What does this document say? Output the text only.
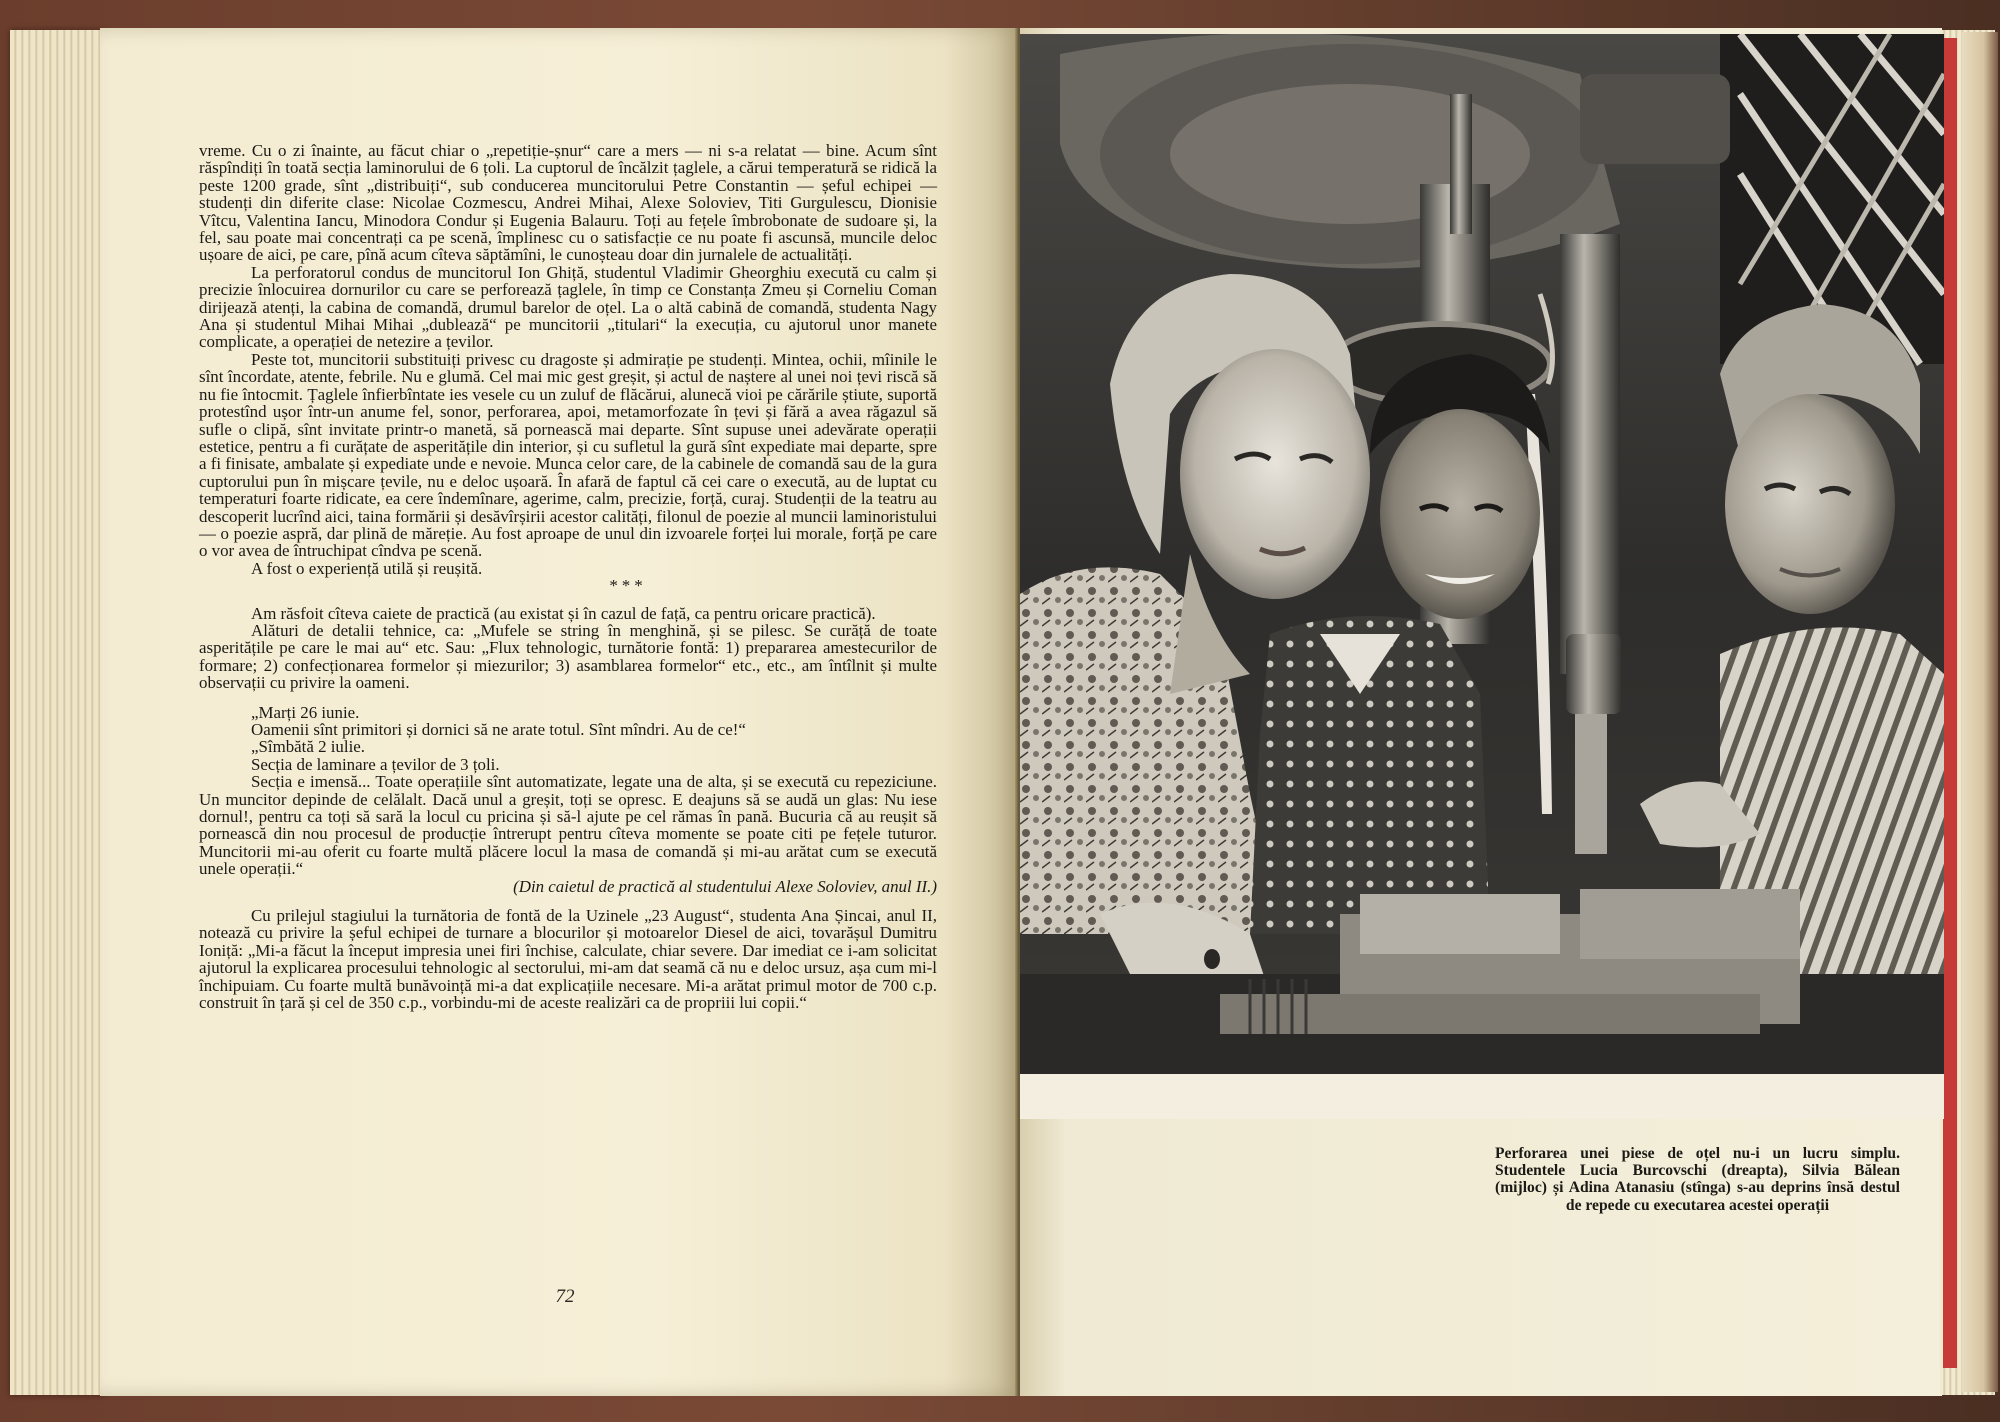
vreme. Cu o zi înainte, au făcut chiar o „repetiție-șnur“ care a mers — ni s-a relatat — bine. Acum sînt răspîndiți în toată secția laminorului de 6 țoli. La cuptorul de încălzit țaglele, a cărui temperatură se ridică la peste 1200 grade, sînt „distribuiți“, sub conducerea muncitorului Petre Constantin — șeful echipei — studenți din diferite clase: Nicolae Cozmescu, Andrei Mihai, Alexe Soloviev, Titi Gurgulescu, Dionisie Vîtcu, Valentina Iancu, Minodora Condur și Eugenia Balauru. Toți au fețele îmbrobonate de sudoare și, la fel, sau poate mai concentrați ca pe scenă, împlinesc cu o satisfacție ce nu poate fi ascunsă, muncile deloc ușoare de aici, pe care, pînă acum cîteva săptămîni, le cunoșteau doar din jurnalele de actualități.

La perforatorul condus de muncitorul Ion Ghiță, studentul Vladimir Gheorghiu execută cu calm și precizie înlocuirea dornurilor cu care se perforează țaglele, în timp ce Constanța Zmeu și Corneliu Coman dirijează atenți, la cabina de comandă, drumul barelor de oțel. La o altă cabină de comandă, studenta Nagy Ana și studentul Mihai Mihai „dublează“ pe muncitorii „titulari“ la execuția, cu ajutorul unor manete complicate, a operației de netezire a țevilor.

Peste tot, muncitorii substituiți privesc cu dragoste și admirație pe studenți. Mintea, ochii, mîinile le sînt încordate, atente, febrile. Nu e glumă. Cel mai mic gest greșit, și actul de naștere al unei noi țevi riscă să nu fie întocmit. Țaglele înfierbîntate ies vesele cu un zuluf de flăcărui, alunecă vioi pe cărările știute, suportă protestînd ușor într-un anume fel, sonor, perforarea, apoi, metamorfozate în țevi și fără a avea răgazul să sufle o clipă, sînt invitate printr-o manetă, să pornească mai departe. Sînt supuse unei adevărate operații estetice, pentru a fi curățate de asperitățile din interior, și cu sufletul la gură sînt expediate mai departe, spre a fi finisate, ambalate și expediate unde e nevoie. Munca celor care, de la cabinele de comandă sau de la gura cuptorului pun în mișcare țevile, nu e deloc ușoară. În afară de faptul că cei care o execută, au de luptat cu temperaturi foarte ridicate, ea cere îndemînare, agerime, calm, precizie, forță, curaj. Studenții de la teatru au descoperit lucrînd aici, taina formării și desăvîrșirii acestor calități, filonul de poezie al muncii laminoristului — o poezie aspră, dar plină de măreție. Au fost aproape de unul din izvoarele forței lui morale, forță pe care o vor avea de întruchipat cîndva pe scenă.

A fost o experiență utilă și reușită.

***

Am răsfoit cîteva caiete de practică (au existat și în cazul de față, ca pentru oricare practică).

Alături de detalii tehnice, ca: „Mufele se string în menghină, și se pilesc. Se curăță de toate asperitățile pe care le mai au“ etc. Sau: „Flux tehnologic, turnătorie fontă: 1) prepararea amestecurilor de formare; 2) confecționarea formelor și miezurilor; 3) asamblarea formelor“ etc., etc., am întîlnit și multe observații cu privire la oameni.

„Marți 26 iunie.

Oamenii sînt primitori și dornici să ne arate totul. Sînt mîndri. Au de ce!“

„Sîmbătă 2 iulie.

Secția de laminare a țevilor de 3 țoli.

Secția e imensă... Toate operațiile sînt automatizate, legate una de alta, și se execută cu repeziciune. Un muncitor depinde de celălalt. Dacă unul a greșit, toți se opresc. E deajuns să se audă un glas: Nu iese dornul!, pentru ca toți să sară la locul cu pricina și să-l ajute pe cel rămas în pană. Bucuria că au reușit să pornească din nou procesul de producție întrerupt pentru cîteva momente se poate citi pe fețele tuturor. Muncitorii mi-au oferit cu foarte multă plăcere locul la masa de comandă și mi-au arătat cum se execută unele operații.“

(Din caietul de practică al studentului Alexe Soloviev, anul II.)

Cu prilejul stagiului la turnătoria de fontă de la Uzinele „23 August“, studenta Ana Șincai, anul II, notează cu privire la șeful echipei de turnare a blocurilor și motoarelor Diesel de aici, tovarășul Dumitru Ioniță: „Mi-a făcut la început impresia unei firi închise, calculate, chiar severe. Dar imediat ce i-am solicitat ajutorul la explicarea procesului tehnologic al sectorului, mi-am dat seamă că nu e deloc ursuz, așa cum mi-l închipuiam. Cu foarte multă bunăvoință mi-a dat explicațiile necesare. Mi-a arătat primul motor de 700 c.p. construit în țară și cel de 350 c.p., vorbindu-mi de aceste realizări ca de propriii lui copii.“

72
Perforarea unei piese de oțel nu-i un lucru simplu. Studentele Lucia Burcovschi (dreapta), Silvia Bălean (mijloc) și Adina Atanasiu (stînga) s-au deprins însă destul de repede cu executarea acestei operații
